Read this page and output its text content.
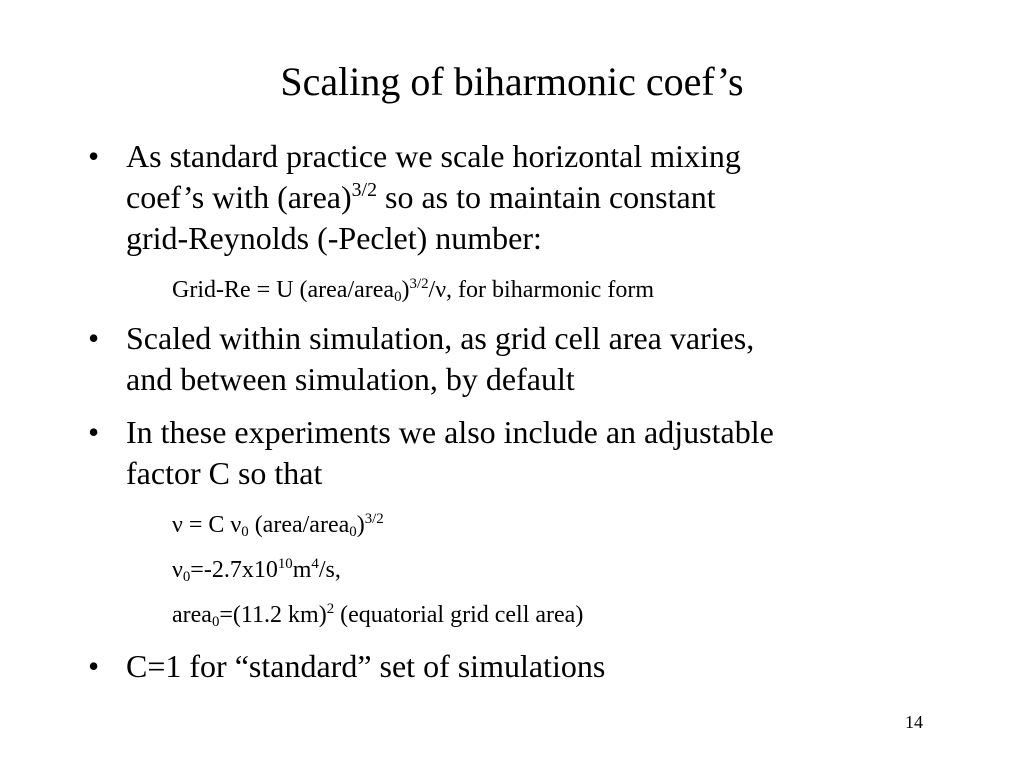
Scaling of biharmonic coef’s
• As standard practice we scale horizontal mixing
coef’s with (area)$^{3/2}$ so as to maintain constant
grid-Reynolds (-Peclet) number:
Grid-Re = U (area/area$_0$)$^{3/2}$/ν, for biharmonic form
• Scaled within simulation, as grid cell area varies,
and between simulation, by default
• In these experiments we also include an adjustable
factor C so that
ν = C $\nu_0$ (area/area$_0$)$^{3/2}$
$\nu_0=-2.7x10^{10}m^4/s$,
area$_0$=(11.2 km)$^2$ (equatorial grid cell area)
• C=1 for “standard” set of simulations
14
